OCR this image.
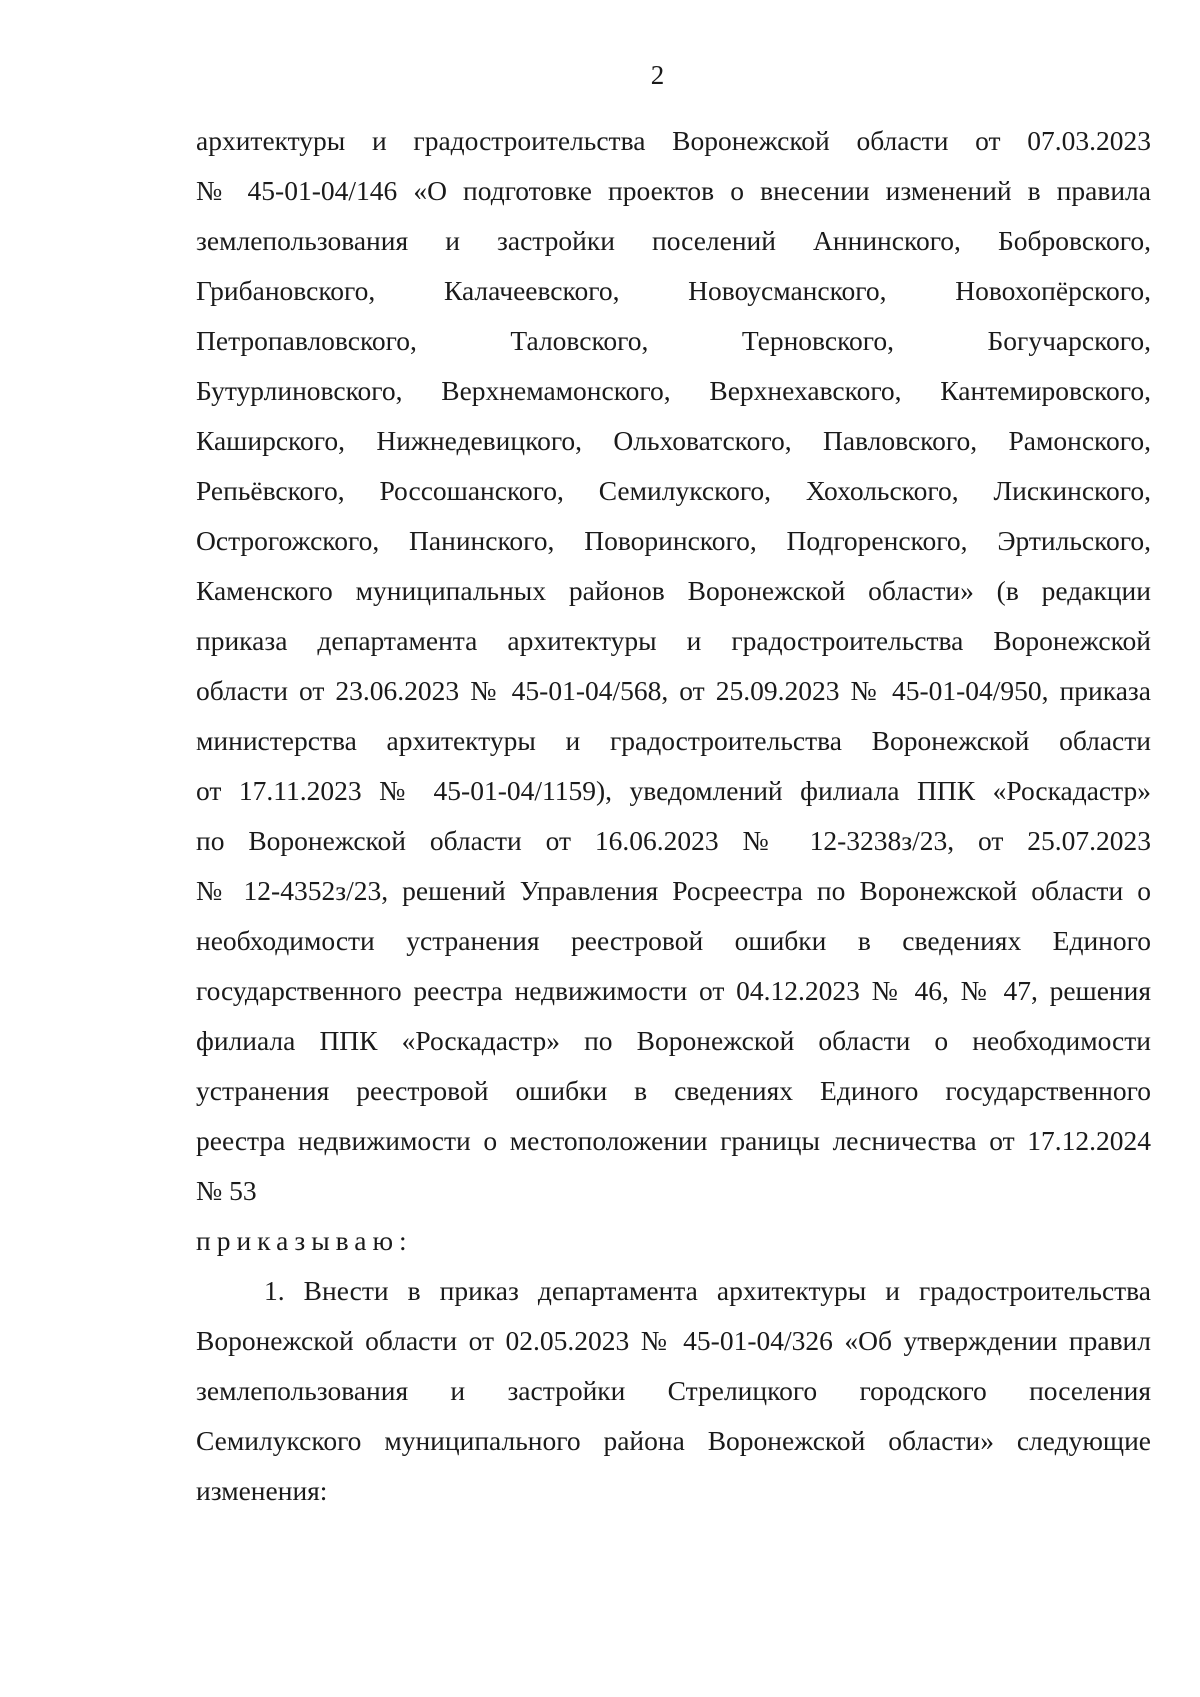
2
архитектуры и градостроительства Воронежской области от 07.03.2023
№ 45-01-04/146 «О подготовке проектов о внесении изменений в правила
землепользования и застройки поселений Аннинского, Бобровского,
Грибановского, Калачеевского, Новоусманского, Новохопёрского,
Петропавловского, Таловского, Терновского, Богучарского,
Бутурлиновского, Верхнемамонского, Верхнехавского, Кантемировского,
Каширского, Нижнедевицкого, Ольховатского, Павловского, Рамонского,
Репьёвского, Россошанского, Семилукского, Хохольского, Лискинского,
Острогожского, Панинского, Поворинского, Подгоренского, Эртильского,
Каменского муниципальных районов Воронежской области» (в редакции
приказа департамента архитектуры и градостроительства Воронежской
области от 23.06.2023 № 45-01-04/568, от 25.09.2023 № 45-01-04/950, приказа
министерства архитектуры и градостроительства Воронежской области
от 17.11.2023 № 45-01-04/1159), уведомлений филиала ППК «Роскадастр»
по Воронежской области от 16.06.2023 № 12-3238з/23, от 25.07.2023
№ 12-4352з/23, решений Управления Росреестра по Воронежской области о
необходимости устранения реестровой ошибки в сведениях Единого
государственного реестра недвижимости от 04.12.2023 № 46, № 47, решения
филиала ППК «Роскадастр» по Воронежской области о необходимости
устранения реестровой ошибки в сведениях Единого государственного
реестра недвижимости о местоположении границы лесничества от 17.12.2024
№ 53
приказываю:
1. Внести в приказ департамента архитектуры и градостроительства
Воронежской области от 02.05.2023 № 45-01-04/326 «Об утверждении правил
землепользования и застройки Стрелицкого городского поселения
Семилукского муниципального района Воронежской области» следующие
изменения:
